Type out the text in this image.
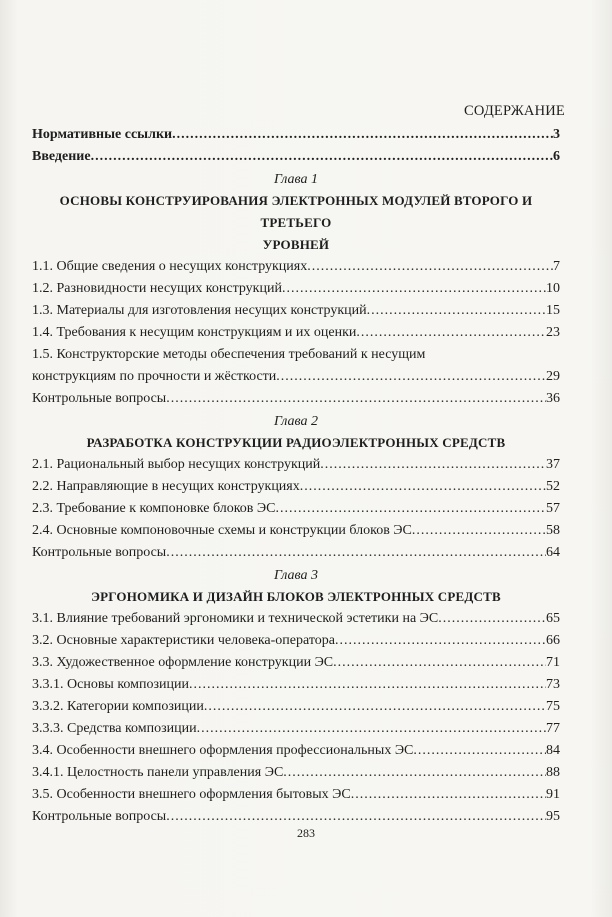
СОДЕРЖАНИЕ
Нормативные ссылки .....	3
Введение .....	6
Глава 1
ОСНОВЫ КОНСТРУИРОВАНИЯ ЭЛЕКТРОННЫХ МОДУЛЕЙ ВТОРОГО И ТРЕТЬЕГО
УРОВНЕЙ
1.1. Общие сведения о несущих конструкциях .....	7
1.2. Разновидности несущих конструкций .....	10
1.3. Материалы для изготовления несущих конструкций .....	15
1.4. Требования к несущим конструкциям и их оценки .....	23
1.5. Конструкторские методы обеспечения требований к несущим
конструкциям по прочности и жёсткости .....	29
Контрольные вопросы .....	36
Глава 2
РАЗРАБОТКА КОНСТРУКЦИИ РАДИОЭЛЕКТРОННЫХ СРЕДСТВ
2.1. Рациональный выбор несущих конструкций .....	37
2.2. Направляющие в несущих конструкциях .....	52
2.3. Требование к компоновке блоков ЭС .....	57
2.4. Основные компоновочные схемы и конструкции блоков ЭС .....	58
Контрольные вопросы .....	64
Глава 3
ЭРГОНОМИКА И ДИЗАЙН БЛОКОВ ЭЛЕКТРОННЫХ СРЕДСТВ
3.1. Влияние требований эргономики и технической эстетики на ЭС .....	65
3.2. Основные характеристики человека-оператора .....	66
3.3. Художественное оформление конструкции ЭС .....	71
3.3.1. Основы композиции .....	73
3.3.2. Категории композиции .....	75
3.3.3. Средства композиции .....	77
3.4. Особенности внешнего оформления профессиональных ЭС .....	84
3.4.1. Целостность панели управления ЭС .....	88
3.5. Особенности внешнего оформления бытовых ЭС .....	91
Контрольные вопросы .....	95
283
